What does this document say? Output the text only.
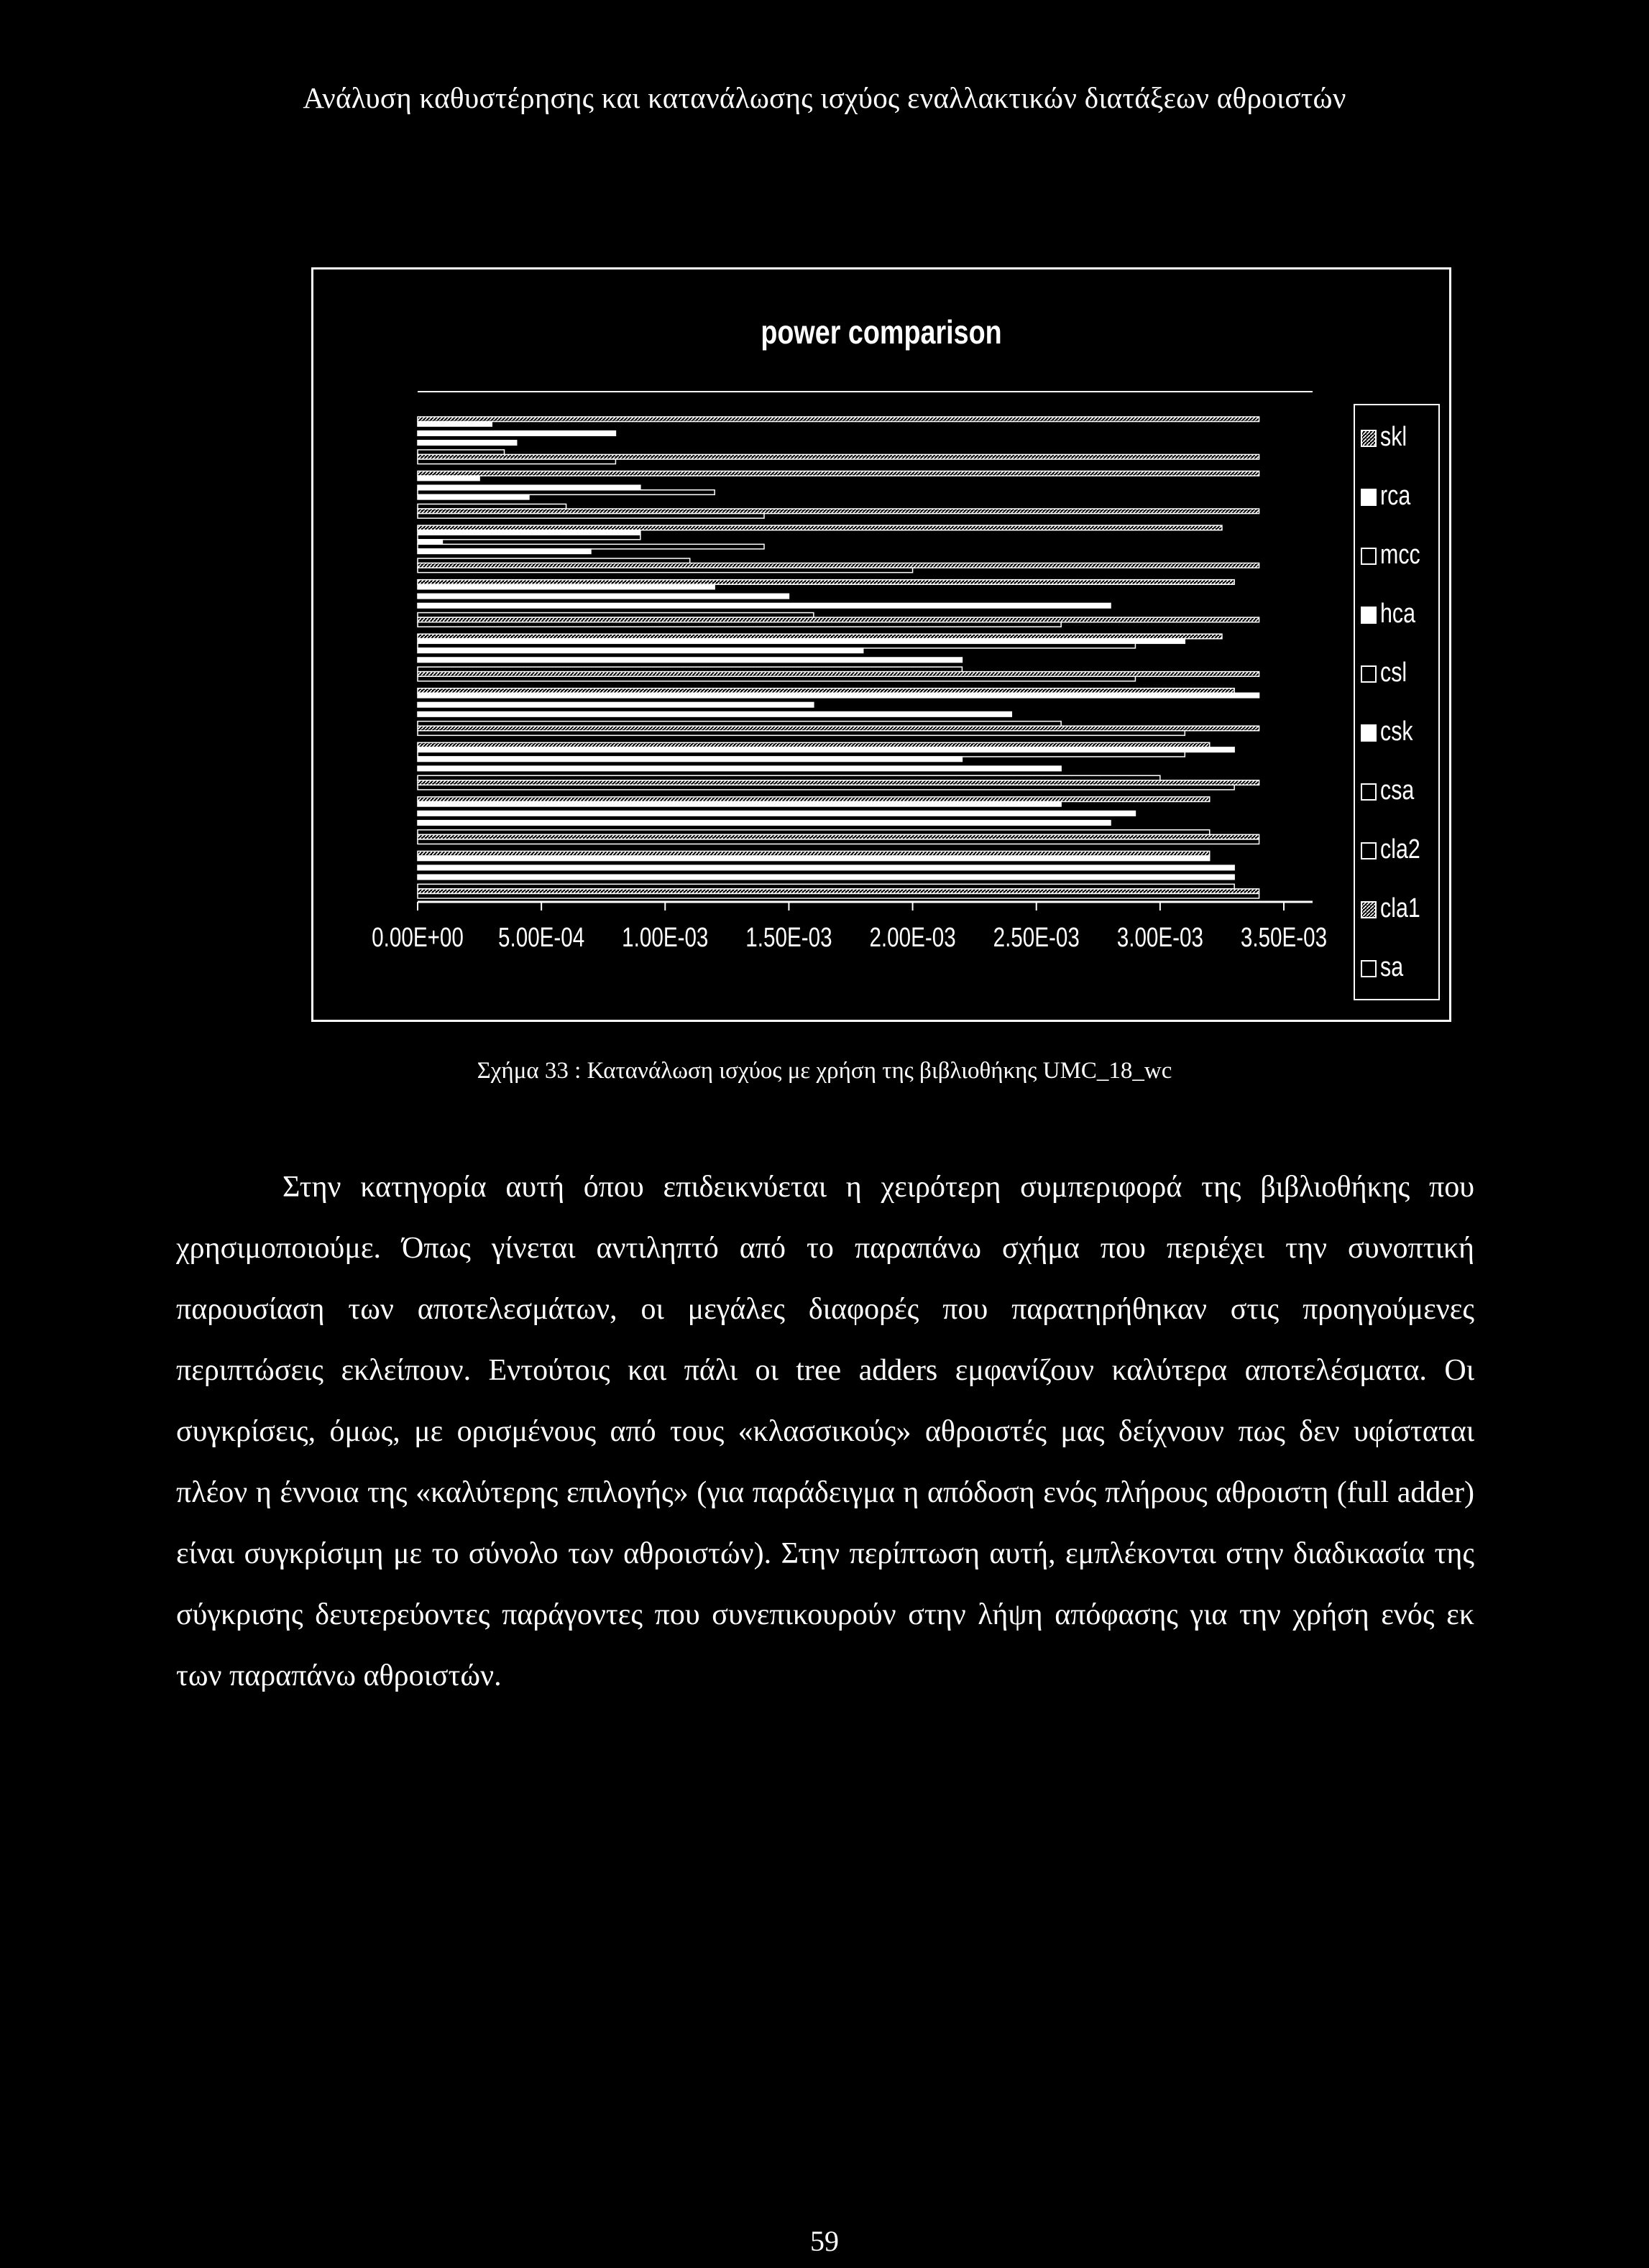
Ανάλυση καθυστέρησης και κατανάλωσης ισχύος εναλλακτικών διατάξεων αθροιστών
power comparison
0.00E+00 5.00E-04 1.00E-03 1.50E-03 2.00E-03 2.50E-03 3.00E-03 3.50E-03
skl
rca
mcc
hca
csl
csk
csa
cla2
cla1
sa
Σχήμα 33 : Κατανάλωση ισχύος με χρήση της βιβλιοθήκης UMC_18_wc

Στην κατηγορία αυτή όπου επιδεικνύεται η χειρότερη συμπεριφορά της βιβλιοθήκης που χρησιμοποιούμε. Όπως γίνεται αντιληπτό από το παραπάνω σχήμα που περιέχει την συνοπτική παρουσίαση των αποτελεσμάτων, οι μεγάλες διαφορές που παρατηρήθηκαν στις προηγούμενες περιπτώσεις εκλείπουν. Εντούτοις και πάλι οι tree adders εμφανίζουν καλύτερα αποτελέσματα. Οι συγκρίσεις, όμως, με ορισμένους από τους «κλασσικούς» αθροιστές μας δείχνουν πως δεν υφίσταται πλέον η έννοια της «καλύτερης επιλογής» (για παράδειγμα η απόδοση ενός πλήρους αθροιστη (full adder) είναι συγκρίσιμη με το σύνολο των αθροιστών). Στην περίπτωση αυτή, εμπλέκονται στην διαδικασία της σύγκρισης δευτερεύοντες παράγοντες που συνεπικουρούν στην λήψη απόφασης για την χρήση ενός εκ των παραπάνω αθροιστών.

59
